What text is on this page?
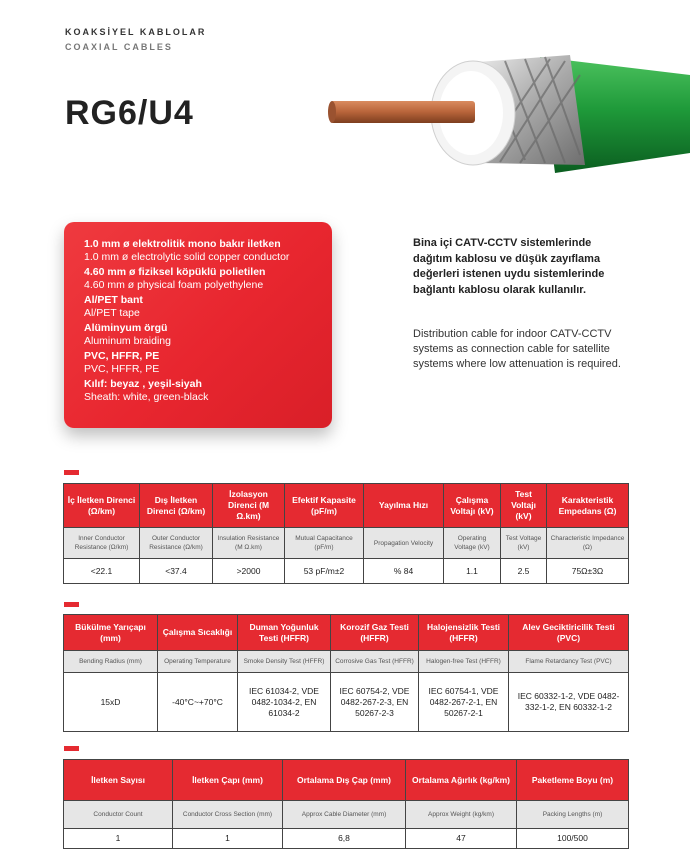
KOAKSİYEL KABLOLAR
COAXIAL CABLES
RG6/U4
1.0 mm ø elektrolitik mono bakır iletken
1.0 mm ø electrolytic solid copper conductor
4.60 mm ø fiziksel köpüklü polietilen
4.60 mm ø physical foam polyethylene
Al/PET bant
Al/PET tape
Alüminyum örgü
Aluminum braiding
PVC, HFFR, PE
PVC, HFFR, PE
Kılıf: beyaz , yeşil-siyah
Sheath: white, green-black
Bina içi CATV-CCTV sistemlerinde dağıtım kablosu ve düşük zayıflama değerleri istenen uydu sistemlerinde bağlantı kablosu olarak kullanılır.
Distribution cable for indoor CATV-CCTV systems as connection cable for satellite systems where low attenuation is required.
İç İletken Direnci (Ω/km)	Dış İletken Direnci (Ω/km)	İzolasyon Direnci (M Ω.km)	Efektif Kapasite (pF/m)	Yayılma Hızı	Çalışma Voltajı (kV)	Test Voltajı (kV)	Karakteristik Empedans (Ω)
Inner Conductor Resistance (Ω/km)	Outer Conductor Resistance (Ω/km)	Insulation Resistance (M Ω.km)	Mutual Capacitance (pF/m)	Propagation Velocity	Operating Voltage (kV)	Test Voltage (kV)	Characteristic Impedance (Ω)
<22.1	<37.4	>2000	53 pF/m±2	% 84	1.1	2.5	75Ω±3Ω
Bükülme Yarıçapı (mm)	Çalışma Sıcaklığı	Duman Yoğunluk Testi (HFFR)	Korozif Gaz Testi (HFFR)	Halojensizlik Testi (HFFR)	Alev Geciktiricilik Testi (PVC)
Bending Radius (mm)	Operating Temperature	Smoke Density Test (HFFR)	Corrosive Gas Test (HFFR)	Halogen-free Test (HFFR)	Flame Retardancy Test (PVC)
15xD	-40°C~+70°C	IEC 61034-2, VDE 0482-1034-2, EN 61034-2	IEC 60754-2, VDE 0482-267-2-3, EN 50267-2-3	IEC 60754-1, VDE 0482-267-2-1, EN 50267-2-1	IEC 60332-1-2, VDE 0482-332-1-2, EN 60332-1-2
İletken Sayısı	İletken Çapı (mm)	Ortalama Dış Çap (mm)	Ortalama Ağırlık (kg/km)	Paketleme Boyu (m)
Conductor Count	Conductor Cross Section (mm)	Approx Cable Diameter (mm)	Approx Weight (kg/km)	Packing Lengths (m)
1	1	6,8	47	100/500
